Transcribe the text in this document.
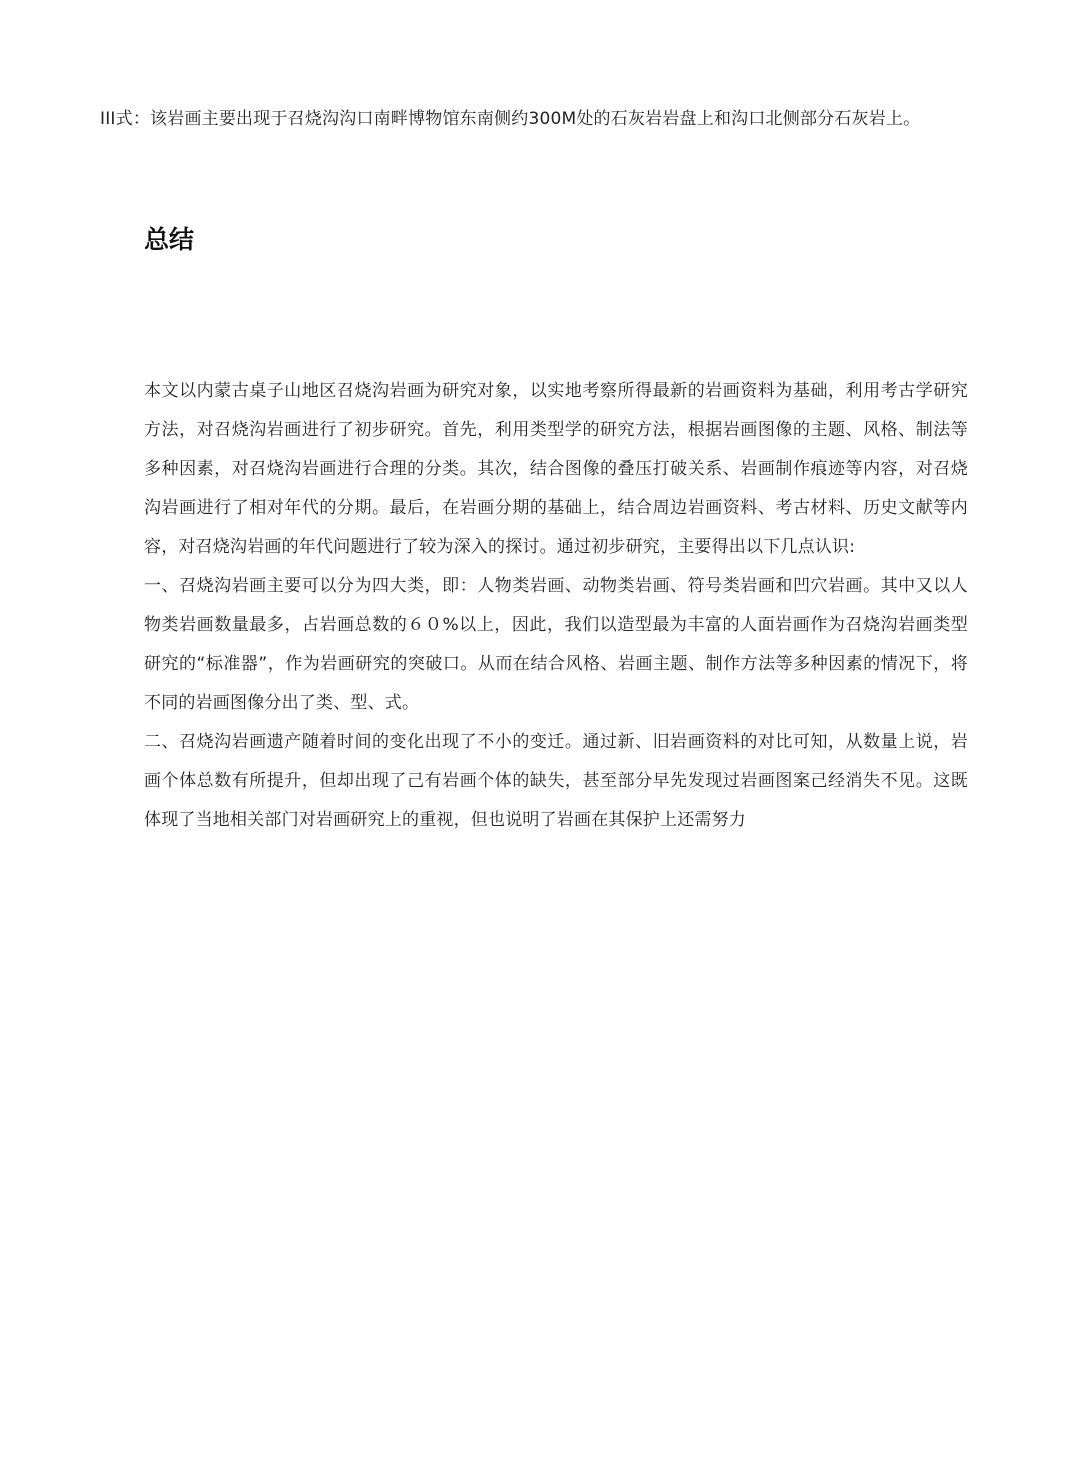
III式：该岩画主要出现于召烧沟沟口南畔博物馆东南侧约300M处的石灰岩岩盘上和沟口北侧部分石灰岩上。

总结

本文以内蒙古桌子山地区召烧沟岩画为研究对象，以实地考察所得最新的岩画资料为基础，利用考古学研究方法，对召烧沟岩画进行了初步研究。首先，利用类型学的研究方法，根据岩画图像的主题、风格、制法等多种因素，对召烧沟岩画进行合理的分类。其次，结合图像的叠压打破关系、岩画制作痕迹等内容，对召烧沟岩画进行了相对年代的分期。最后，在岩画分期的基础上，结合周边岩画资料、考古材料、历史文献等内容，对召烧沟岩画的年代问题进行了较为深入的探讨。通过初步研究，主要得出以下几点认识:

一、召烧沟岩画主要可以分为四大类，即：人物类岩画、动物类岩画、符号类岩画和凹穴岩画。其中又以人物类岩画数量最多，占岩画总数的６０%以上，因此，我们以造型最为丰富的人面岩画作为召烧沟岩画类型研究的“标准器”，作为岩画研究的突破口。从而在结合风格、岩画主题、制作方法等多种因素的情况下，将不同的岩画图像分出了类、型、式。

二、召烧沟岩画遗产随着时间的变化出现了不小的变迁。通过新、旧岩画资料的对比可知，从数量上说，岩画个体总数有所提升，但却出现了己有岩画个体的缺失，甚至部分早先发现过岩画图案己经消失不见。这既体现了当地相关部门对岩画研究上的重视，但也说明了岩画在其保护上还需努力
